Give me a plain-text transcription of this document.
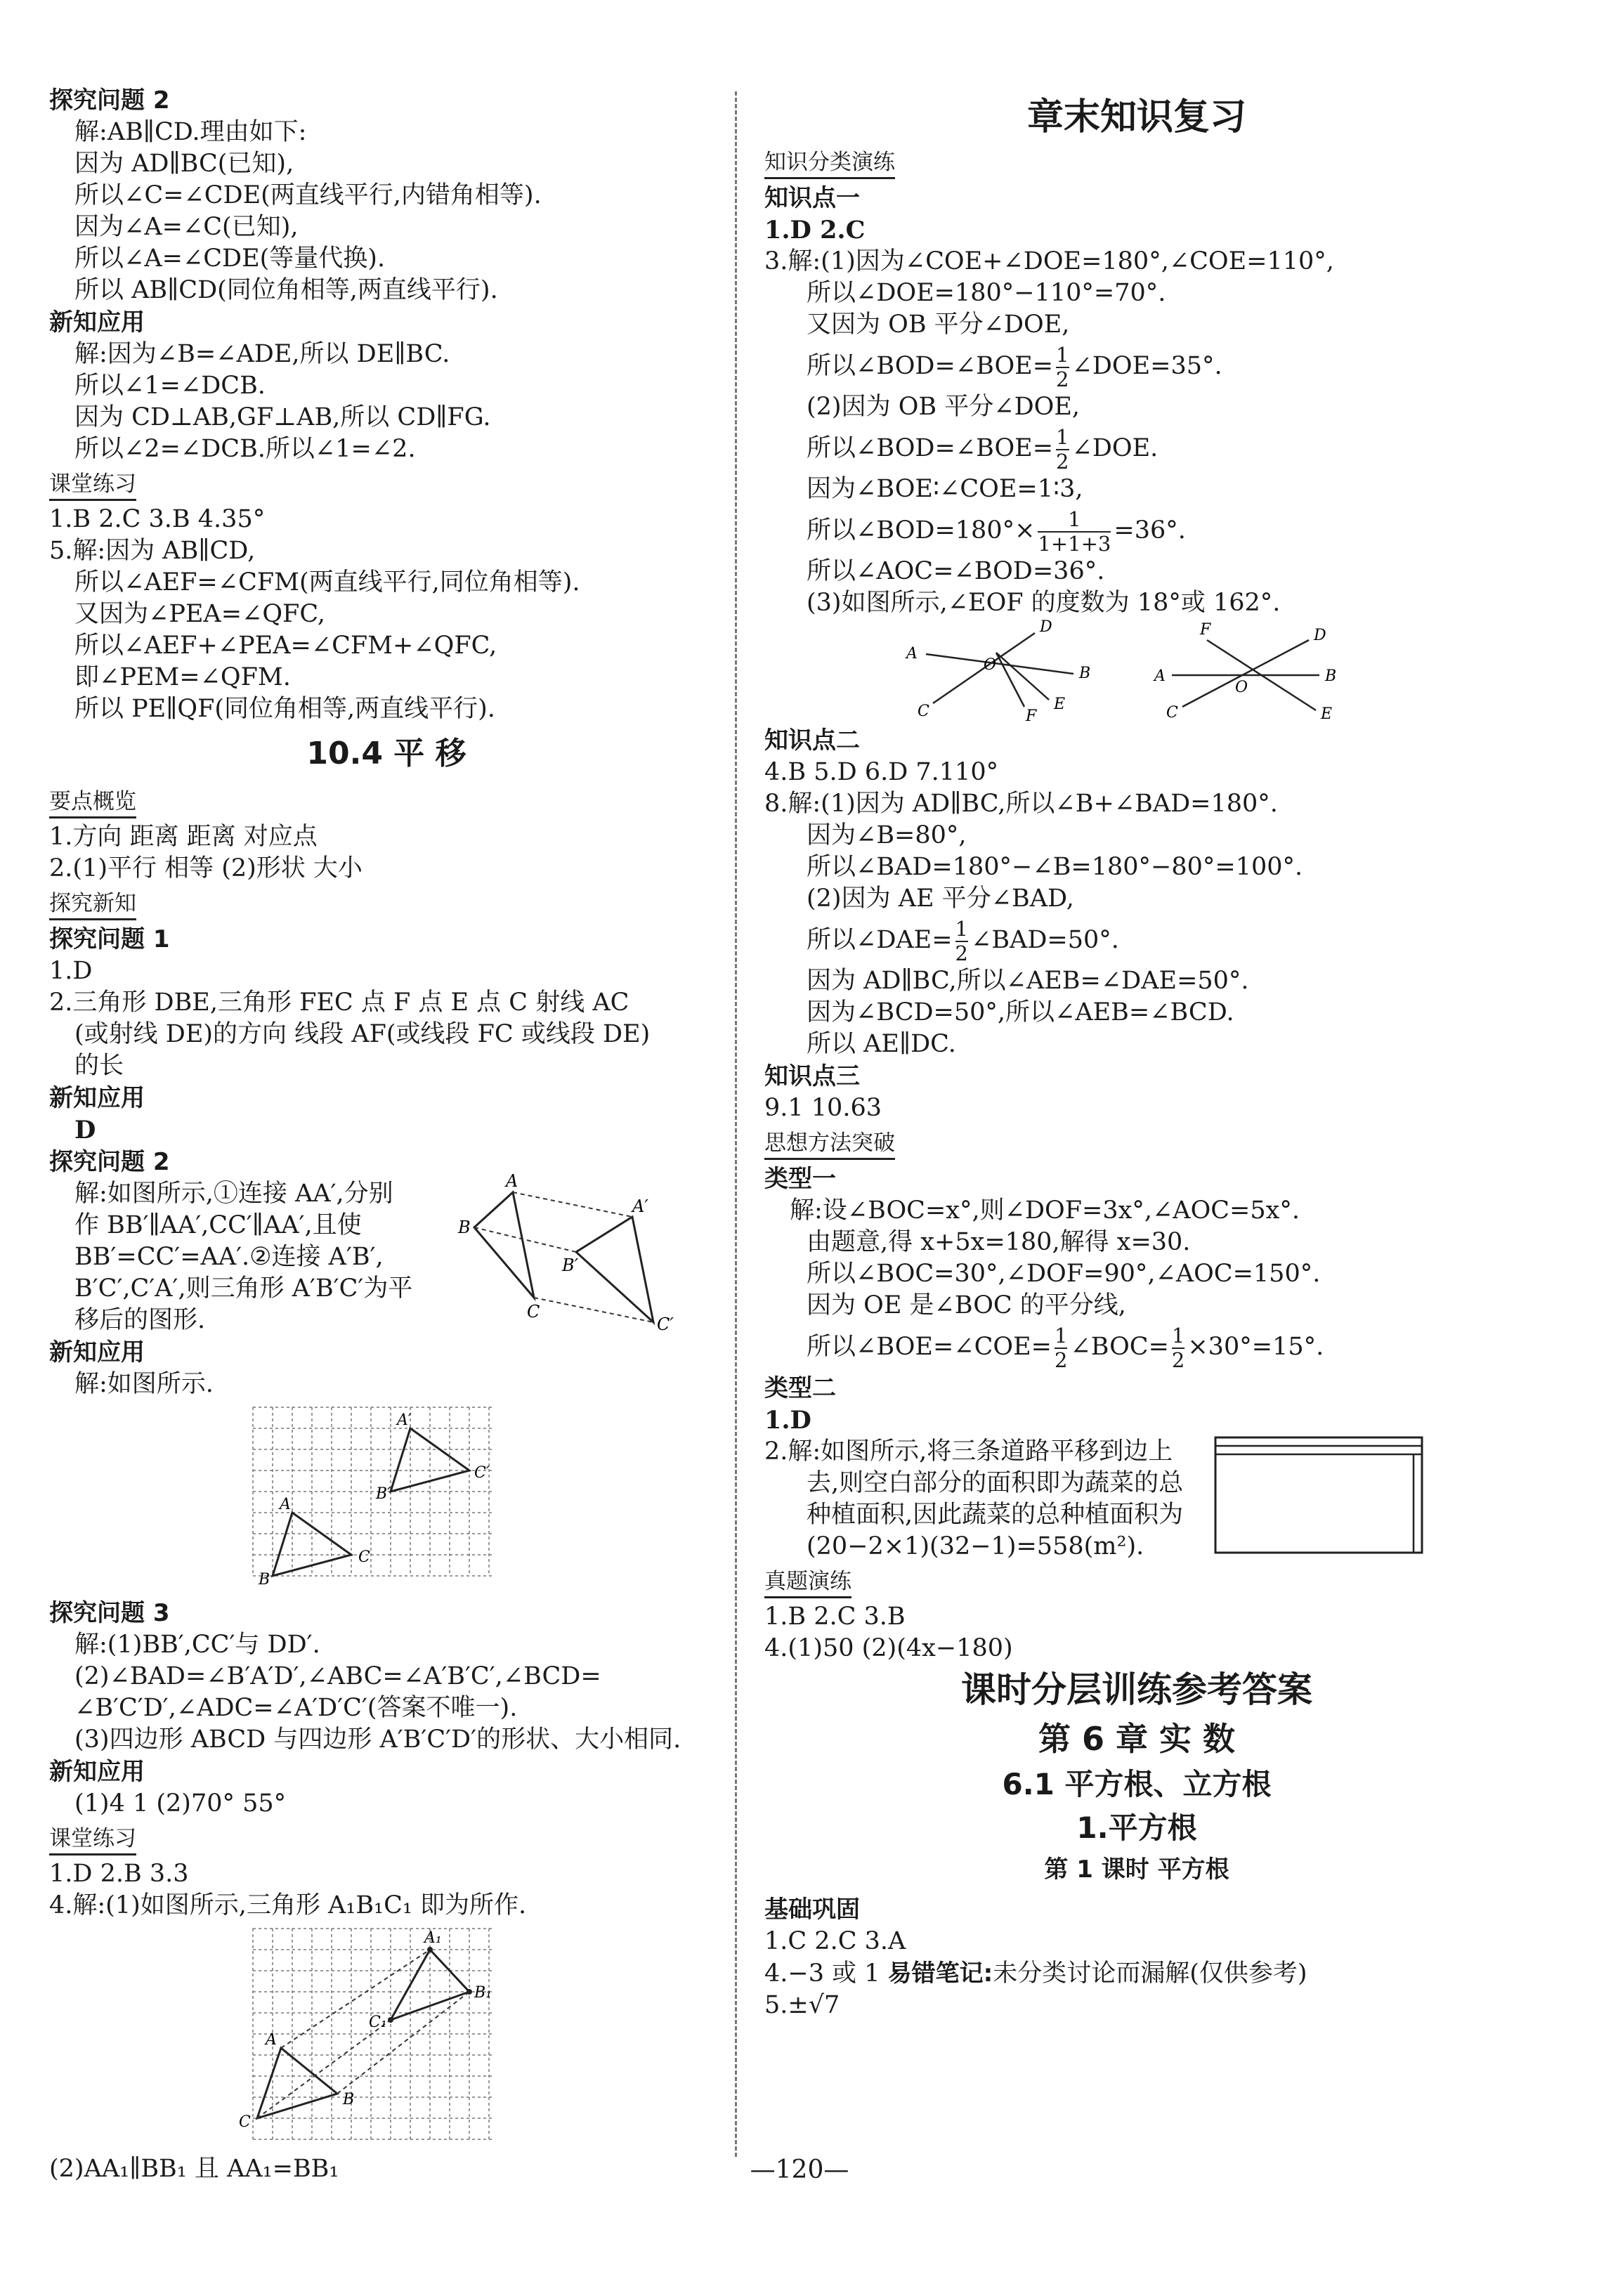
探究问题 2
解:AB∥CD.理由如下:
因为 AD∥BC(已知),
所以∠C=∠CDE(两直线平行,内错角相等).
因为∠A=∠C(已知),
所以∠A=∠CDE(等量代换).
所以 AB∥CD(同位角相等,两直线平行).
新知应用
解:因为∠B=∠ADE,所以 DE∥BC.
所以∠1=∠DCB.
因为 CD⊥AB,GF⊥AB,所以 CD∥FG.
所以∠2=∠DCB.所以∠1=∠2.
课堂练习
1.B 2.C 3.B 4.35°
5.解:因为 AB∥CD,
所以∠AEF=∠CFM(两直线平行,同位角相等).
又因为∠PEA=∠QFC,
所以∠AEF+∠PEA=∠CFM+∠QFC,
即∠PEM=∠QFM.
所以 PE∥QF(同位角相等,两直线平行).
10.4 平 移
要点概览
1.方向 距离 距离 对应点
2.(1)平行 相等 (2)形状 大小
探究新知
探究问题 1
1.D
2.三角形 DBE,三角形 FEC 点 F 点 E 点 C 射线 AC
(或射线 DE)的方向 线段 AF(或线段 FC 或线段 DE)
的长
新知应用
D
探究问题 2
解:如图所示,①连接 AA′,分别
作 BB′∥AA′,CC′∥AA′,且使
BB′=CC′=AA′.②连接 A′B′,
B′C′,C′A′,则三角形 A′B′C′为平
移后的图形.
A
A′
B
B′
C
C′
新知应用
解:如图所示.
A′
C′
B′
A
C
B
探究问题 3
解:(1)BB′,CC′与 DD′.
(2)∠BAD=∠B′A′D′,∠ABC=∠A′B′C′,∠BCD=
∠B′C′D′,∠ADC=∠A′D′C′(答案不唯一).
(3)四边形 ABCD 与四边形 A′B′C′D′的形状、大小相同.
新知应用
(1)4 1 (2)70° 55°
课堂练习
1.D 2.B 3.3
4.解:(1)如图所示,三角形 A₁B₁C₁ 即为所作.
A₁
B₁
C₁
A
B
C
(2)AA₁∥BB₁ 且 AA₁=BB₁
章末知识复习
知识分类演练
知识点一
1.D 2.C
3.解:(1)因为∠COE+∠DOE=180°,∠COE=110°,
所以∠DOE=180°−110°=70°.
又因为 OB 平分∠DOE,
所以∠BOD=∠BOE= $\frac{1}{2}$ ∠DOE=35°.
(2)因为 OB 平分∠DOE,
所以∠BOD=∠BOE= $\frac{1}{2}$ ∠DOE.
因为∠BOE∶∠COE=1∶3,
所以∠BOD=180°× $\frac{1}{1+1+3} =36^\circ$.
所以∠AOC=∠BOD=36°.
(3)如图所示,∠EOF 的度数为 18°或 162°.
A
B
C
D
E
F
O
A	B
C
D
E
F
O
知识点二
4.B 5.D 6.D 7.110°
8.解:(1)因为 AD∥BC,所以∠B+∠BAD=180°.
因为∠B=80°,
所以∠BAD=180°−∠B=180°−80°=100°.
(2)因为 AE 平分∠BAD,
所以∠DAE= $\frac{1}{2}$ ∠BAD=50°.
因为 AD∥BC,所以∠AEB=∠DAE=50°.
因为∠BCD=50°,所以∠AEB=∠BCD.
所以 AE∥DC.
知识点三
9.1 10.63
思想方法突破
类型一
解:设∠BOC=x°,则∠DOF=3x°,∠AOC=5x°.
由题意,得 x+5x=180,解得 x=30.
所以∠BOC=30°,∠DOF=90°,∠AOC=150°.
因为 OE 是∠BOC 的平分线,
所以∠BOE=∠COE= $\frac{1}{2}$ ∠BOC= $\frac{1}{2} \times 30^\circ=15^\circ$.
类型二
1.D
2.解:如图所示,将三条道路平移到边上
去,则空白部分的面积即为蔬菜的总
种植面积,因此蔬菜的总种植面积为
(20−2×1)(32−1)=558(m²).
真题演练
1.B 2.C 3.B
4.(1)50 (2)(4x−180)
课时分层训练参考答案
第 6 章 实 数
6.1 平方根、立方根
1.平方根
第 1 课时 平方根
基础巩固
1.C 2.C 3.A
4.−3 或 1 易错笔记:未分类讨论而漏解(仅供参考)
5.±√7
—120—
